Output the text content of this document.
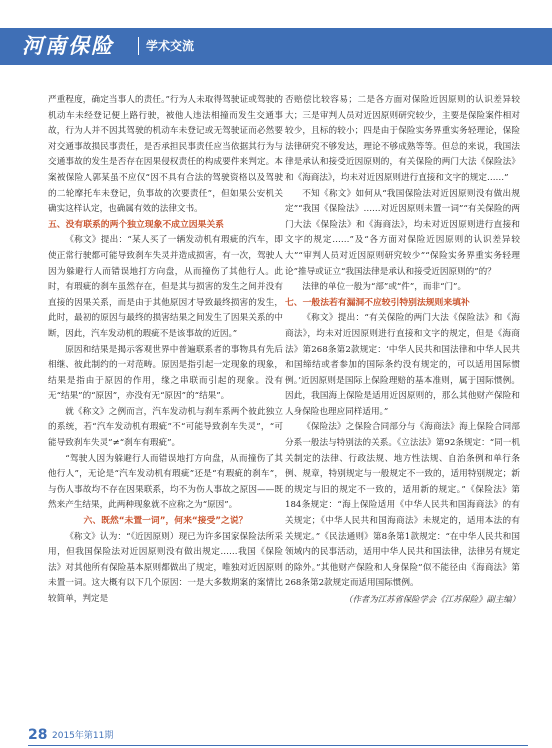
河南保险	学术交流

严重程度，确定当事人的责任。”行为人未取得驾驶证或驾驶的机动车未经登记便上路行驶，被他人违法相撞而发生交通事故，行为人并不因其驾驶的机动车未登记或无驾驶证而必然要对交通事故损民事责任，是否承担民事责任应当依据其行为与交通事故的发生是否存在因果侵权责任的构成要件来判定。本案被保险人郭某虽不应仅“因不具有合法的驾驶资格以及驾驶的二轮摩托车未登记，负事故的次要责任”，但如果公安机关确实这样认定，也确属有效的法律文书。

五、没有联系的两个独立现象不成立因果关系

《称文》提出：“某人买了一辆发动机有瑕疵的汽车，即使正常行驶都可能导致刹车失灵并造成损害，有一次，驾驶人因为躲避行人而错误地打方向盘，从而撞伤了其他行人。此时，有瑕疵的刹车虽然存在，但是其与损害的发生之间并没有直接的因果关系，而是由于其他原因才导致最终损害的发生，此时，最初的原因与最终的损害结果之间发生了因果关系的中断，因此，汽车发动机的瑕疵不是该事故的近因。”

原因和结果是揭示客观世界中普遍联系者的事物具有先后相继、彼此制约的一对范畴。原因是指引起一定现象的现象，结果是指由于原因的作用，缘之串联而引起的现象。没有无“结果”的“原因”，亦没有无“原因”的“结果”。

就《称文》之例而言，汽车发动机与刹车系两个彼此独立的系统，若“汽车发动机有瑕疵”不“可能导致刹车失灵”，“可能导致刹车失灵”≠“刹车有瑕疵”。

“驾驶人因为躲避行人而错误地打方向盘，从而撞伤了其他行人”，无论是“汽车发动机有瑕疵”还是“有瑕疵的刹车”，与伤人事故均不存在因果联系，均不为伤人事故之原因——既然来产生结果，此两种现象就不应称之为“原因”。

六、既然“未置一词”，何来“接受”之说？

《称文》认为：“《近因原则）现已为许多国家保险法所采用，但我国保险法对近因原则没有做出规定……我国《保险法》对其他所有保险基本原则都做出了规定，唯独对近因原则未置一词。这大概有以下几个原因：一是大多数期案的案情比较简单，判定是

否赔偿比较容易；二是各方面对保险近因原则的认识差异较大；三是审判人员对近因原则研究较少，主要是保险案件相对较少，且标的较小；四是由于保险实务界重实务轻理论，保险法律研究不够发达，理论不够成熟等等。但总的来说，我国法律是承认和接受近因原则的，有关保险的两门大法《保险法》和《海商法》，均未对近因原则进行直接和文字的规定……”

不知《称文》如何从“我国保险法对近因原则没有做出规定”“我国《保险法》……对近因原则未置一词”“有关保险的两门大法《保险法》和《海商法》，均未对近因原则进行直接和文字的规定……”及“各方面对保险近因原则的认识差异较大”“审判人员对近因原则研究较少”“保险实务界重实务轻理论”推导或证立“我国法律是承认和接受近因原则的”的？

法律的单位一般为“部”或“件”，而非“门”。

七、一般法若有漏洞不应较引特别法规则来填补

《称文》提出：“有关保险的两门大法《保险法》和《海商法》，均未对近因原则进行直接和文字的规定，但是《海商法》第268条第2款规定：‘中华人民共和国法律和中华人民共和国缔结或者参加的国际条约没有规定的，可以适用国际惯例。’近因原则是国际上保险理赔的基本准则，属于国际惯例。因此，我国海上保险是适用近因原则的，那么其他财产保险和人身保险也理应同样适用。”

《保险法》之保险合同部分与《海商法》海上保险合同部分系一般法与特别法的关系。《立法法》第92条规定：“同一机关制定的法律、行政法规、地方性法规、自治条例和单行条例、规章，特别规定与一般规定不一致的，适用特别规定；新的规定与旧的规定不一致的，适用新的规定。”《保险法》第184条规定：“海上保险适用《中华人民共和国海商法》的有关规定；《中华人民共和国海商法》未规定的，适用本法的有关规定。”《民法通则》第8条第1款规定：“在中华人民共和国领域内的民事活动，适用中华人民共和国法律，法律另有规定的除外。”其他财产保险和人身保险”似不能径由《海商法》第268条第2款规定而适用国际惯例。

（作者为江苏省保险学会《江苏保险》副主编）

28 2015年第11期
